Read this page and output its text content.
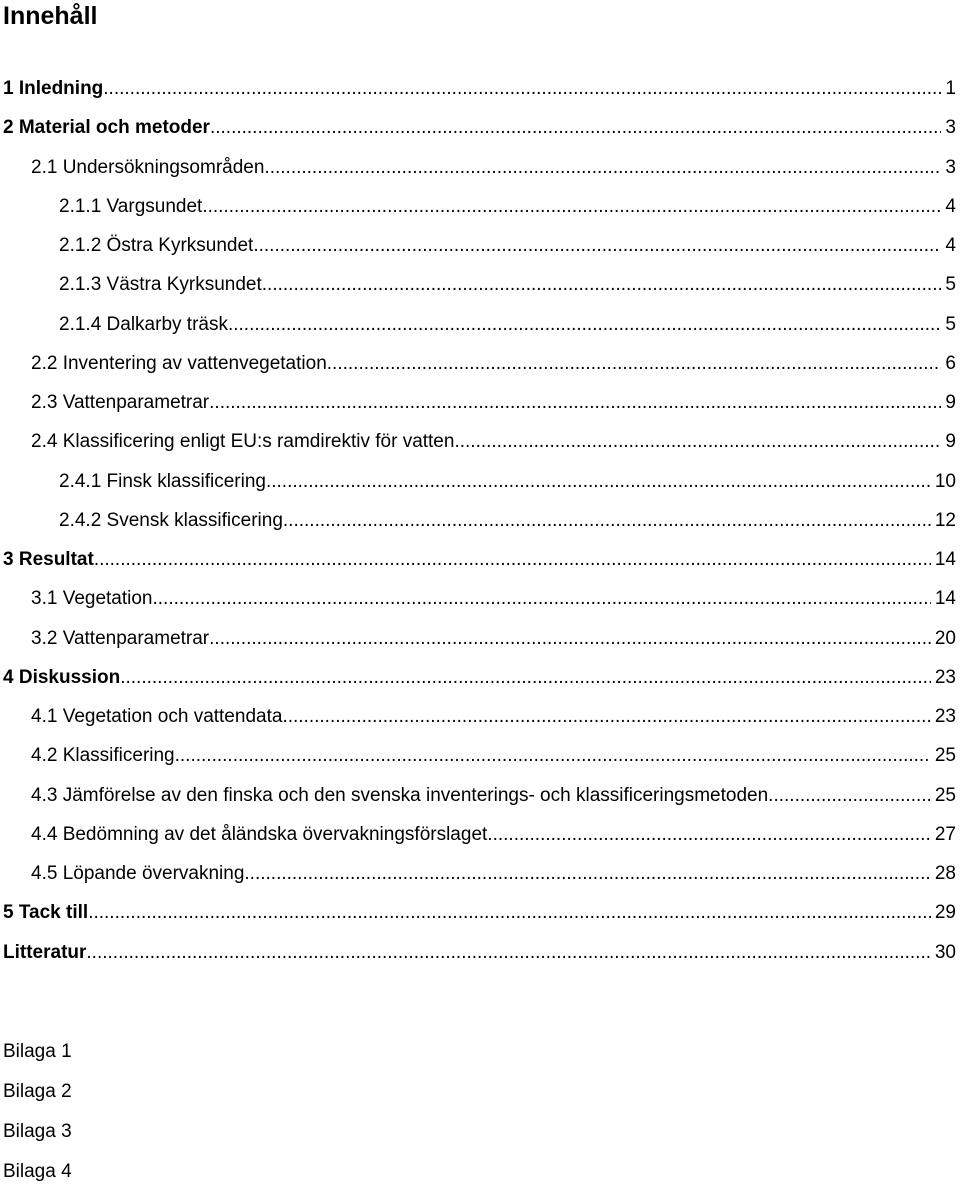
Innehåll
1 Inledning .....	1
2 Material och metoder .....	3
2.1 Undersökningsområden .....	3
2.1.1 Vargsundet .....	4
2.1.2 Östra Kyrksundet .....	4
2.1.3 Västra Kyrksundet .....	5
2.1.4 Dalkarby träsk .....	5
2.2 Inventering av vattenvegetation .....	6
2.3 Vattenparametrar .....	9
2.4 Klassificering enligt EU:s ramdirektiv för vatten .....	9
2.4.1 Finsk klassificering .....	10
2.4.2 Svensk klassificering .....	12
3 Resultat .....	14
3.1 Vegetation .....	14
3.2 Vattenparametrar .....	20
4 Diskussion .....	23
4.1 Vegetation och vattendata .....	23
4.2 Klassificering .....	25
4.3 Jämförelse av den finska och den svenska inventerings- och klassificeringsmetoden .....	25
4.4 Bedömning av det åländska övervakningsförslaget .....	27
4.5 Löpande övervakning .....	28
5 Tack till .....	29
Litteratur .....	30
Bilaga 1
Bilaga 2
Bilaga 3
Bilaga 4
